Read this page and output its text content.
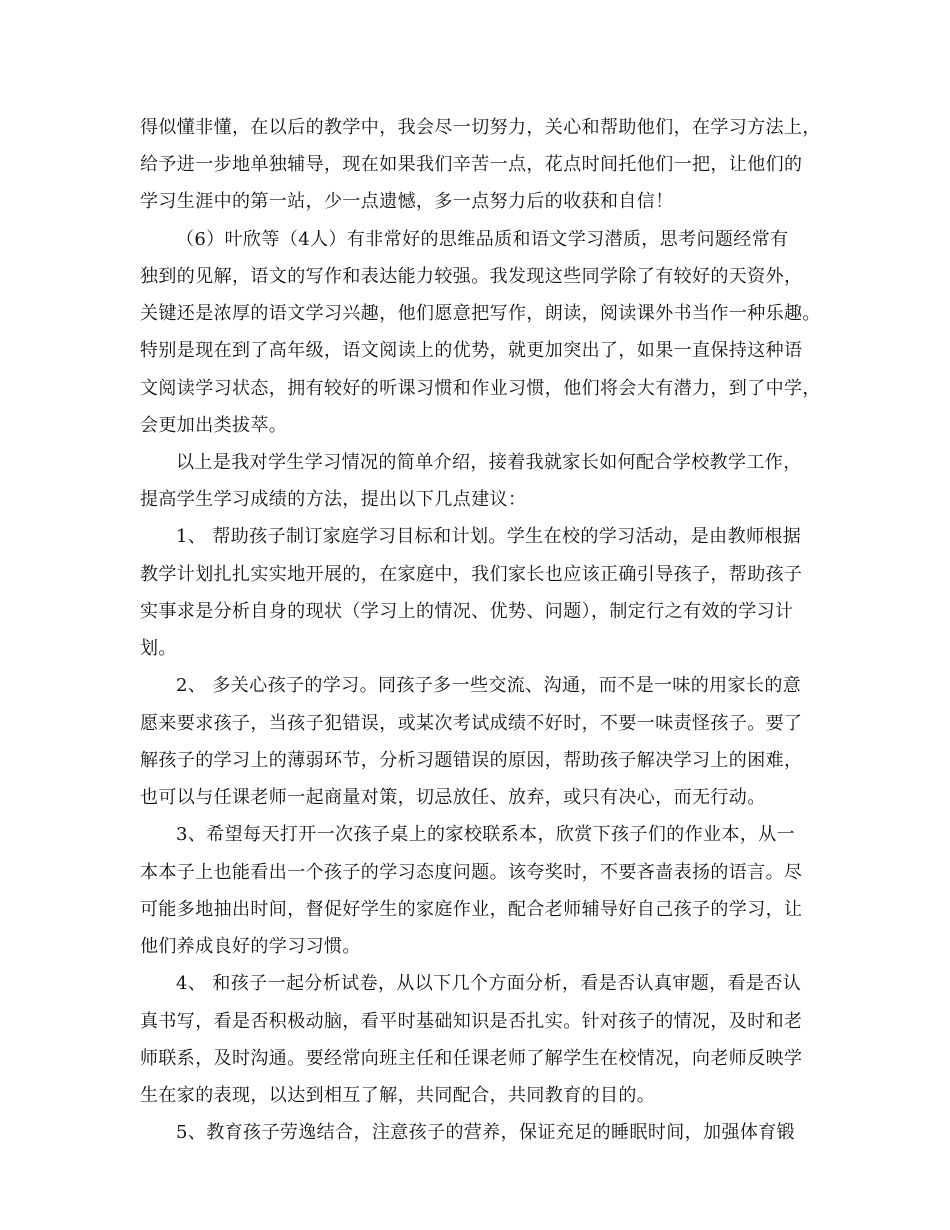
得似懂非懂，在以后的教学中，我会尽一切努力，关心和帮助他们，在学习方法上，
给予进一步地单独辅导，现在如果我们辛苦一点，花点时间托他们一把，让他们的
学习生涯中的第一站，少一点遗憾，多一点努力后的收获和自信！
（6）叶欣等（4人）有非常好的思维品质和语文学习潜质，思考问题经常有
独到的见解，语文的写作和表达能力较强。我发现这些同学除了有较好的天资外，
关键还是浓厚的语文学习兴趣，他们愿意把写作，朗读，阅读课外书当作一种乐趣。
特别是现在到了高年级，语文阅读上的优势，就更加突出了，如果一直保持这种语
文阅读学习状态，拥有较好的听课习惯和作业习惯，他们将会大有潜力，到了中学，
会更加出类拔萃。
以上是我对学生学习情况的简单介绍，接着我就家长如何配合学校教学工作，
提高学生学习成绩的方法，提出以下几点建议：
1、 帮助孩子制订家庭学习目标和计划。学生在校的学习活动，是由教师根据
教学计划扎扎实实地开展的，在家庭中，我们家长也应该正确引导孩子，帮助孩子
实事求是分析自身的现状（学习上的情况、优势、问题），制定行之有效的学习计
划。
2、 多关心孩子的学习。同孩子多一些交流、沟通，而不是一味的用家长的意
愿来要求孩子，当孩子犯错误，或某次考试成绩不好时，不要一味责怪孩子。要了
解孩子的学习上的薄弱环节，分析习题错误的原因，帮助孩子解决学习上的困难，
也可以与任课老师一起商量对策，切忌放任、放弃，或只有决心，而无行动。
3、希望每天打开一次孩子桌上的家校联系本，欣赏下孩子们的作业本，从一
本本子上也能看出一个孩子的学习态度问题。该夸奖时，不要吝啬表扬的语言。尽
可能多地抽出时间，督促好学生的家庭作业，配合老师辅导好自己孩子的学习，让
他们养成良好的学习习惯。
4、 和孩子一起分析试卷，从以下几个方面分析，看是否认真审题，看是否认
真书写，看是否积极动脑，看平时基础知识是否扎实。针对孩子的情况，及时和老
师联系，及时沟通。要经常向班主任和任课老师了解学生在校情况，向老师反映学
生在家的表现，以达到相互了解，共同配合，共同教育的目的。
5、教育孩子劳逸结合，注意孩子的营养，保证充足的睡眠时间，加强体育锻
